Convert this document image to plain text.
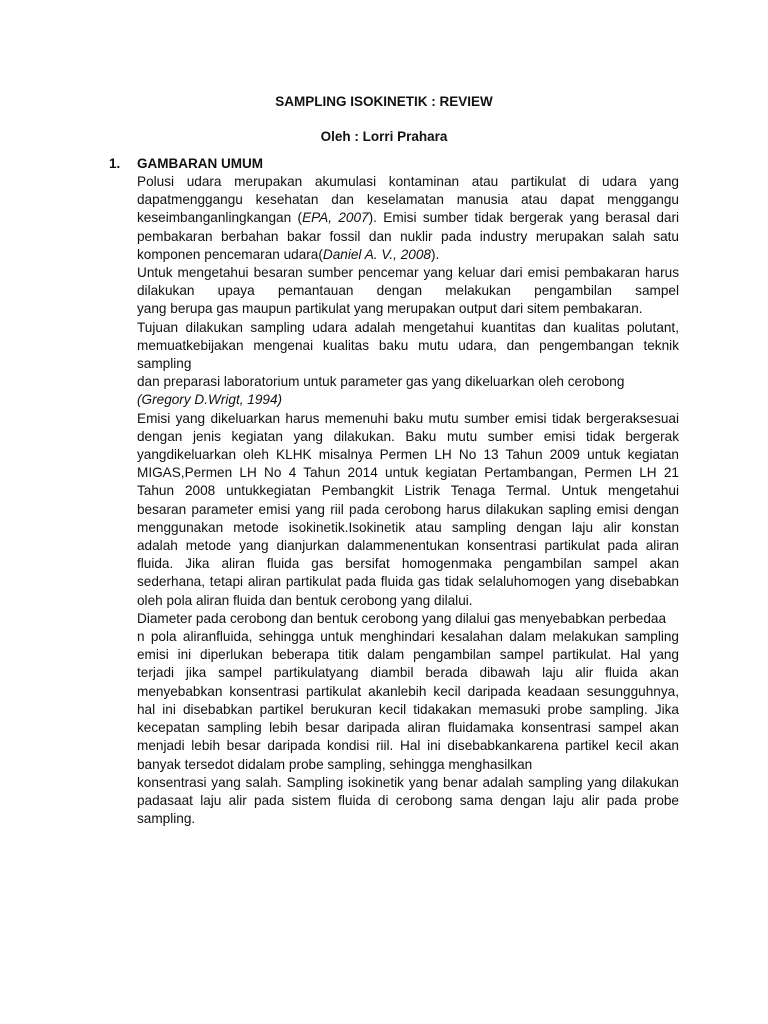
SAMPLING ISOKINETIK : REVIEW
Oleh : Lorri Prahara
1. GAMBARAN UMUM
Polusi udara merupakan akumulasi kontaminan atau partikulat di udara yang
dapatmenggangu kesehatan dan keselamatan manusia atau dapat menggangu
keseimbanganlingkangan (EPA, 2007). Emisi sumber tidak bergerak yang berasal dari
pembakaran berbahan bakar fossil dan nuklir pada industry merupakan salah satu
komponen pencemaran udara(Daniel A. V., 2008).
Untuk mengetahui besaran sumber pencemar yang keluar dari emisi pembakaran harus
dilakukan upaya pemantauan dengan melakukan pengambilan sampel
yang berupa gas maupun partikulat yang merupakan output dari sitem pembakaran.
Tujuan dilakukan sampling udara adalah mengetahui kuantitas dan kualitas polutant,
memuatkebijakan mengenai kualitas baku mutu udara, dan pengembangan teknik
sampling
dan preparasi laboratorium untuk parameter gas yang dikeluarkan oleh cerobong
(Gregory D.Wrigt, 1994)
Emisi yang dikeluarkan harus memenuhi baku mutu sumber emisi tidak bergeraksesuai
dengan jenis kegiatan yang dilakukan. Baku mutu sumber emisi tidak bergerak
yangdikeluarkan oleh KLHK misalnya Permen LH No 13 Tahun 2009 untuk kegiatan
MIGAS,Permen LH No 4 Tahun 2014 untuk kegiatan Pertambangan, Permen LH 21
Tahun 2008 untukkegiatan Pembangkit Listrik Tenaga Termal. Untuk mengetahui
besaran parameter emisi yang riil pada cerobong harus dilakukan sapling emisi dengan
menggunakan metode isokinetik.Isokinetik atau sampling dengan laju alir konstan
adalah metode yang dianjurkan dalammenentukan konsentrasi partikulat pada aliran
fluida. Jika aliran fluida gas bersifat homogenmaka pengambilan sampel akan
sederhana, tetapi aliran partikulat pada fluida gas tidak selaluhomogen yang disebabkan
oleh pola aliran fluida dan bentuk cerobong yang dilalui.
Diameter pada cerobong dan bentuk cerobong yang dilalui gas menyebabkan perbedaa
n pola aliranfluida, sehingga untuk menghindari kesalahan dalam melakukan sampling
emisi ini diperlukan beberapa titik dalam pengambilan sampel partikulat. Hal yang
terjadi jika sampel partikulatyang diambil berada dibawah laju alir fluida akan
menyebabkan konsentrasi partikulat akanlebih kecil daripada keadaan sesungguhnya,
hal ini disebabkan partikel berukuran kecil tidakakan memasuki probe sampling. Jika
kecepatan sampling lebih besar daripada aliran fluidamaka konsentrasi sampel akan
menjadi lebih besar daripada kondisi riil. Hal ini disebabkankarena partikel kecil akan
banyak tersedot didalam probe sampling, sehingga menghasilkan
konsentrasi yang salah. Sampling isokinetik yang benar adalah sampling yang dilakukan
padasaat laju alir pada sistem fluida di cerobong sama dengan laju alir pada probe
sampling.
